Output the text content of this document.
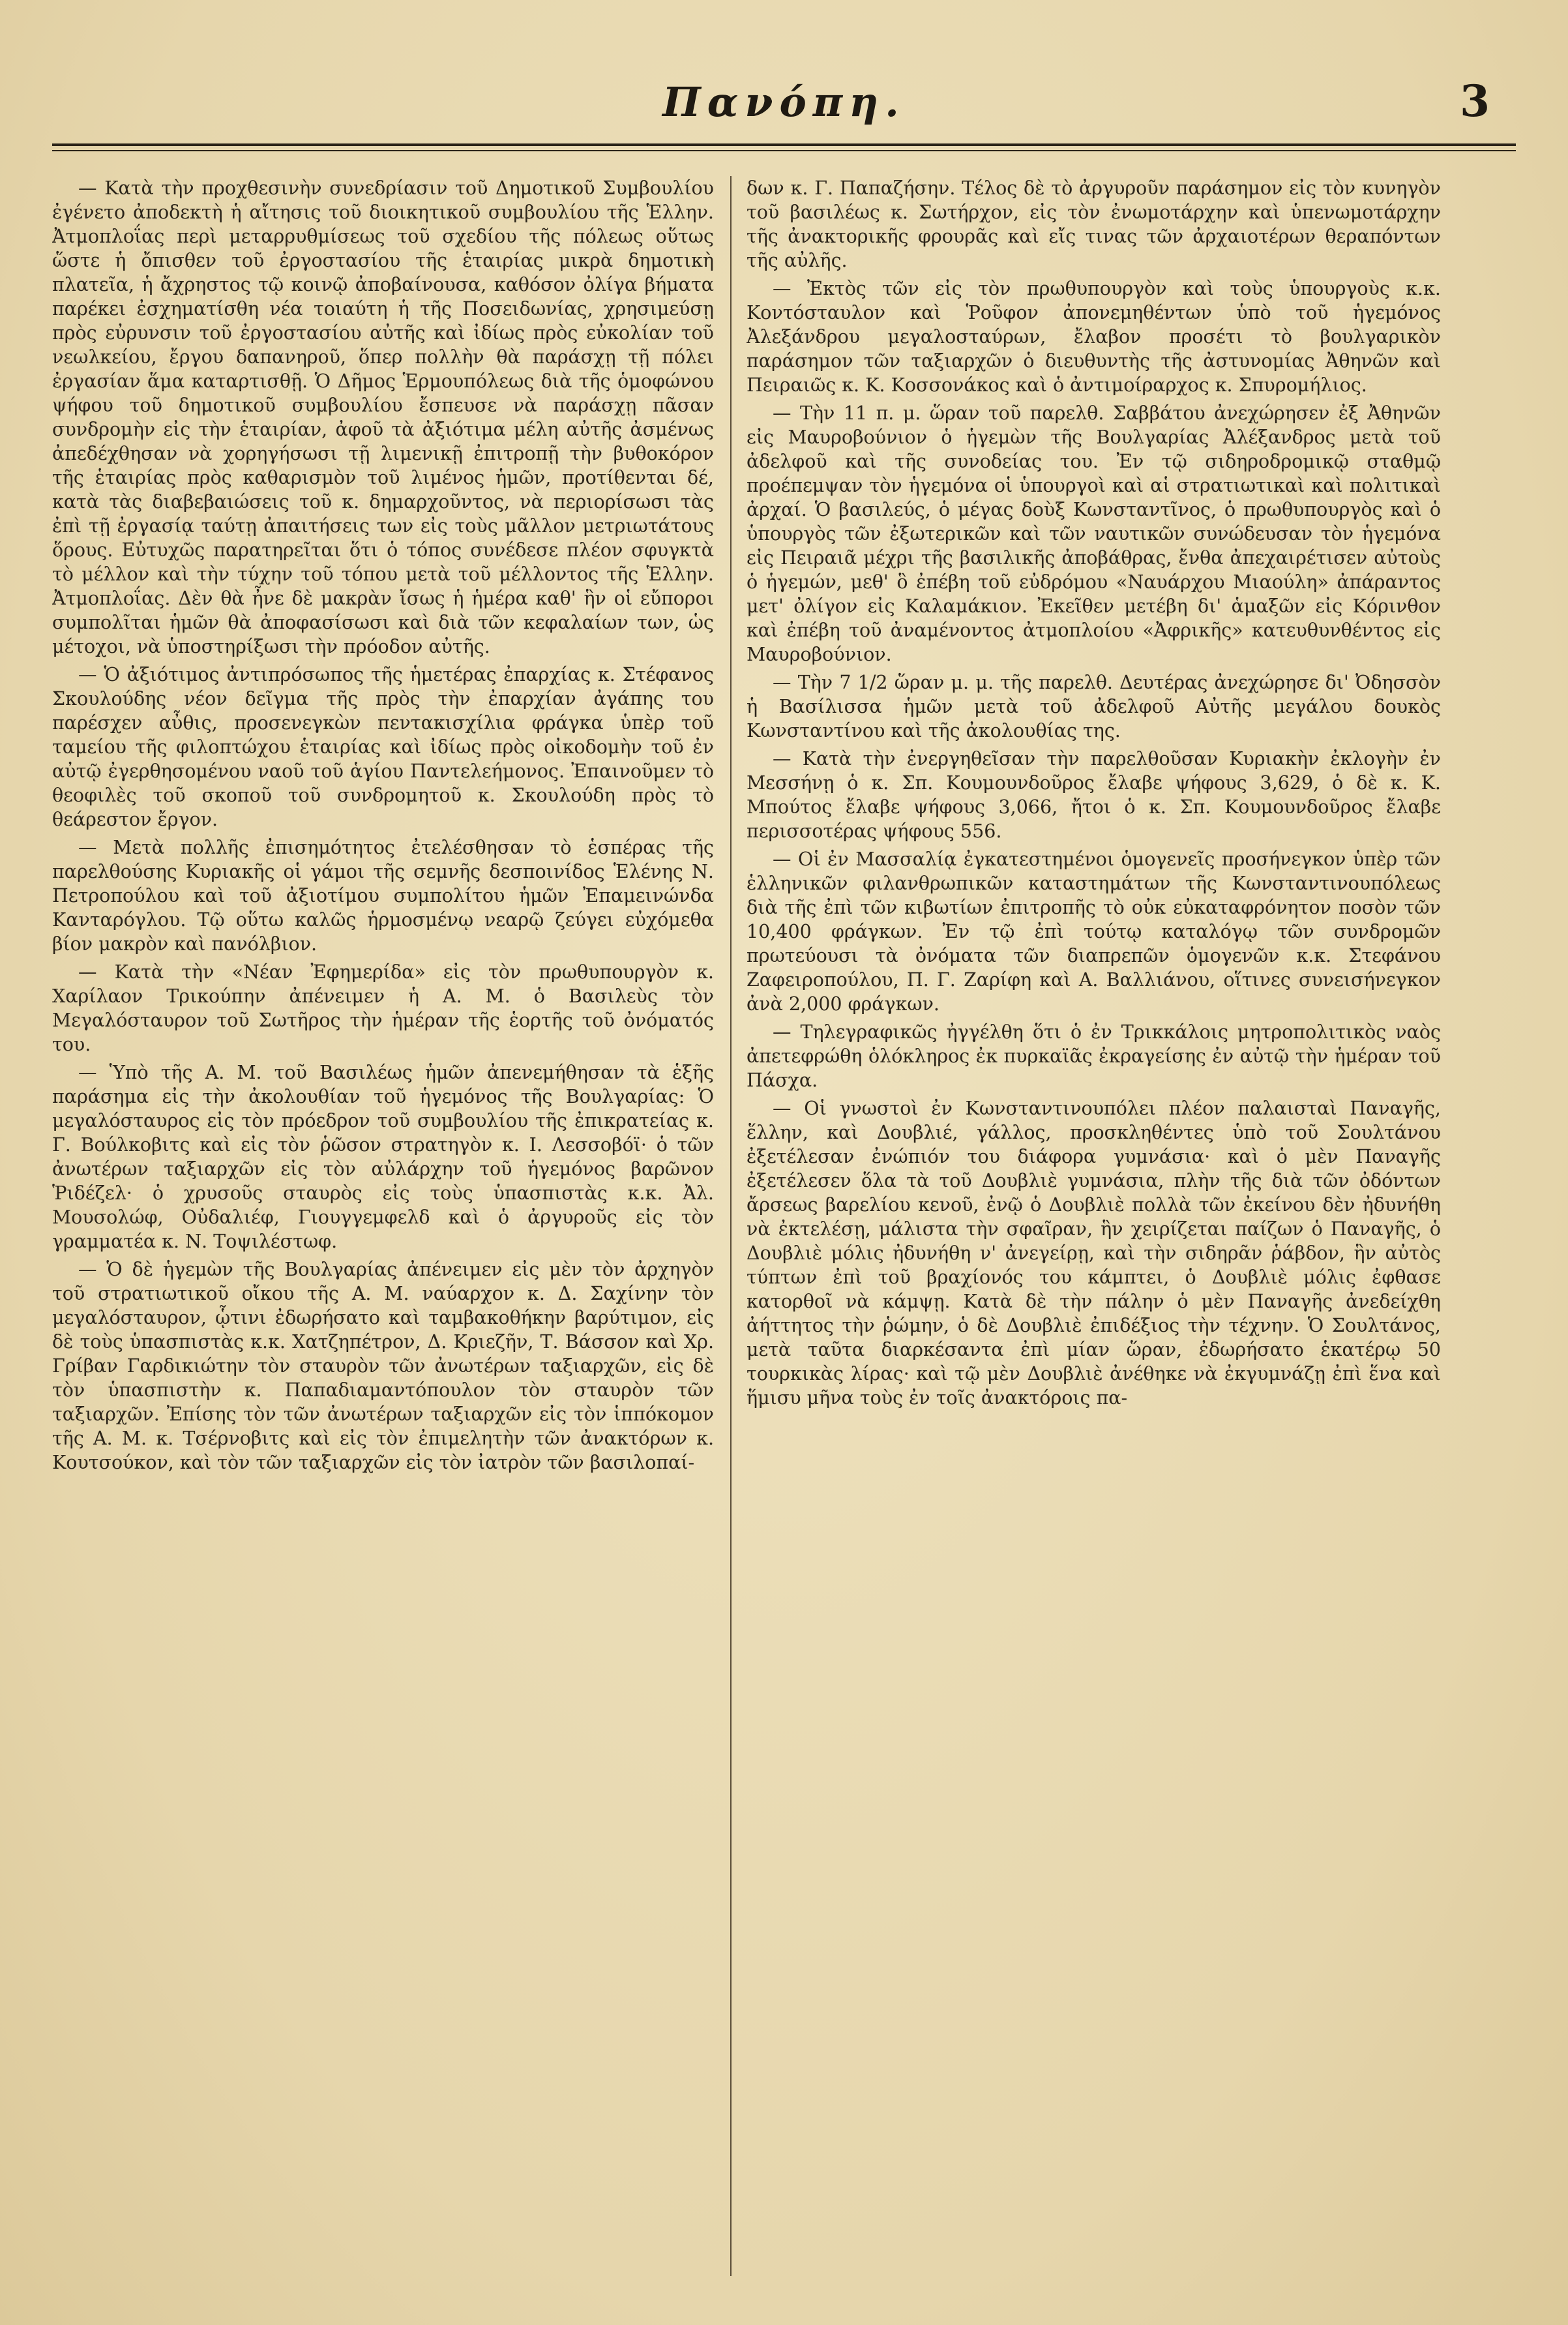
Πανόπη.	3

— Κατὰ τὴν προχθεσινὴν συνεδρίασιν τοῦ Δημοτικοῦ Συμβουλίου ἐγένετο ἀποδεκτὴ ἡ αἴτησις τοῦ διοικητικοῦ συμβουλίου τῆς Ἑλλην. Ἀτμοπλοΐας περὶ μεταρρυθμίσεως τοῦ σχεδίου τῆς πόλεως οὕτως ὥστε ἡ ὄπισθεν τοῦ ἐργοστασίου τῆς ἑταιρίας μικρὰ δημοτικὴ πλατεῖα, ἡ ἄχρηστος τῷ κοινῷ ἀποβαίνουσα, καθόσον ὀλίγα βήματα παρέκει ἐσχηματίσθη νέα τοιαύτη ἡ τῆς Ποσειδωνίας, χρησιμεύσῃ πρὸς εὐρυνσιν τοῦ ἐργοστασίου αὐτῆς καὶ ἰδίως πρὸς εὐκολίαν τοῦ νεωλκείου, ἔργου δαπανηροῦ, ὅπερ πολλὴν θὰ παράσχῃ τῇ πόλει ἐργασίαν ἅμα καταρτισθῇ. Ὁ Δῆμος Ἑρμουπόλεως διὰ τῆς ὁμοφώνου ψήφου τοῦ δημοτικοῦ συμβουλίου ἔσπευσε νὰ παράσχῃ πᾶσαν συνδρομὴν εἰς τὴν ἑταιρίαν, ἀφοῦ τὰ ἀξιότιμα μέλη αὐτῆς ἀσμένως ἀπεδέχθησαν νὰ χορηγήσωσι τῇ λιμενικῇ ἐπιτροπῇ τὴν βυθοκόρον τῆς ἑταιρίας πρὸς καθαρισμὸν τοῦ λιμένος ἡμῶν, προτίθενται δέ, κατὰ τὰς διαβεβαιώσεις τοῦ κ. δημαρχοῦντος, νὰ περιορίσωσι τὰς ἐπὶ τῇ ἐργασίᾳ ταύτῃ ἀπαιτήσεις των εἰς τοὺς μᾶλλον μετριωτάτους ὅρους. Εὐτυχῶς παρατηρεῖται ὅτι ὁ τόπος συνέδεσε πλέον σφυγκτὰ τὸ μέλλον καὶ τὴν τύχην τοῦ τόπου μετὰ τοῦ μέλλοντος τῆς Ἑλλην. Ἀτμοπλοΐας. Δὲν θὰ ἦνε δὲ μακρὰν ἴσως ἡ ἡμέρα καθ' ἣν οἱ εὔποροι συμπολῖται ἡμῶν θὰ ἀποφασίσωσι καὶ διὰ τῶν κεφαλαίων των, ὡς μέτοχοι, νὰ ὑποστηρίξωσι τὴν πρόοδον αὐτῆς.

— Ὁ ἀξιότιμος ἀντιπρόσωπος τῆς ἡμετέρας ἐπαρχίας κ. Στέφανος Σκουλούδης νέον δεῖγμα τῆς πρὸς τὴν ἐπαρχίαν ἀγάπης του παρέσχεν αὖθις, προσενεγκὼν πεντακισχίλια φράγκα ὑπὲρ τοῦ ταμείου τῆς φιλοπτώχου ἑταιρίας καὶ ἰδίως πρὸς οἰκοδομὴν τοῦ ἐν αὐτῷ ἐγερθησομένου ναοῦ τοῦ ἁγίου Παντελεήμονος. Ἐπαινοῦμεν τὸ θεοφιλὲς τοῦ σκοποῦ τοῦ συνδρομητοῦ κ. Σκουλούδη πρὸς τὸ θεάρεστον ἔργον.

— Μετὰ πολλῆς ἐπισημότητος ἐτελέσθησαν τὸ ἑσπέρας τῆς παρελθούσης Κυριακῆς οἱ γάμοι τῆς σεμνῆς δεσποινίδος Ἑλένης Ν. Πετροπούλου καὶ τοῦ ἀξιοτίμου συμπολίτου ἡμῶν Ἐπαμεινώνδα Κανταρόγλου. Τῷ οὕτω καλῶς ἡρμοσμένῳ νεαρῷ ζεύγει εὐχόμεθα βίον μακρὸν καὶ πανόλβιον.

— Κατὰ τὴν «Νέαν Ἐφημερίδα» εἰς τὸν πρωθυπουργὸν κ. Χαρίλαον Τρικούπην ἀπένειμεν ἡ Α. Μ. ὁ Βασιλεὺς τὸν Μεγαλόσταυρον τοῦ Σωτῆρος τὴν ἡμέραν τῆς ἑορτῆς τοῦ ὀνόματός του.

— Ὑπὸ τῆς Α. Μ. τοῦ Βασιλέως ἡμῶν ἀπενεμήθησαν τὰ ἑξῆς παράσημα εἰς τὴν ἀκολουθίαν τοῦ ἡγεμόνος τῆς Βουλγαρίας: Ὁ μεγαλόσταυρος εἰς τὸν πρόεδρον τοῦ συμβουλίου τῆς ἐπικρατείας κ. Γ. Βούλκοβιτς καὶ εἰς τὸν ῥῶσον στρατηγὸν κ. Ι. Λεσσοβόϊ· ὁ τῶν ἀνωτέρων ταξιαρχῶν εἰς τὸν αὐλάρχην τοῦ ἡγεμόνος βαρῶνον Ῥιδέζελ· ὁ χρυσοῦς σταυρὸς εἰς τοὺς ὑπασπιστὰς κ.κ. Ἀλ. Μουσολώφ, Οὐδαλιέφ, Γιουγγεμφελδ καὶ ὁ ἀργυροῦς εἰς τὸν γραμματέα κ. Ν. Τοψιλέστωφ.

— Ὁ δὲ ἡγεμὼν τῆς Βουλγαρίας ἀπένειμεν εἰς μὲν τὸν ἀρχηγὸν τοῦ στρατιωτικοῦ οἴκου τῆς Α. Μ. ναύαρχον κ. Δ. Σαχίνην τὸν μεγαλόσταυρον, ᾧτινι ἐδωρήσατο καὶ ταμβακοθήκην βαρύτιμον, εἰς δὲ τοὺς ὑπασπιστὰς κ.κ. Χατζηπέτρον, Δ. Κριεζῆν, Τ. Βάσσον καὶ Χρ. Γρίβαν Γαρδικιώτην τὸν σταυρὸν τῶν ἀνωτέρων ταξιαρχῶν, εἰς δὲ τὸν ὑπασπιστὴν κ. Παπαδιαμαντόπουλον τὸν σταυρὸν τῶν ταξιαρχῶν. Ἐπίσης τὸν τῶν ἀνωτέρων ταξιαρχῶν εἰς τὸν ἱππόκομον τῆς Α. Μ. κ. Τσέρνοβιτς καὶ εἰς τὸν ἐπιμελητὴν τῶν ἀνακτόρων κ. Κουτσούκον, καὶ τὸν τῶν ταξιαρχῶν εἰς τὸν ἰατρὸν τῶν βασιλοπαί-

δων κ. Γ. Παπαζήσην. Τέλος δὲ τὸ ἀργυροῦν παράσημον εἰς τὸν κυνηγὸν τοῦ βασιλέως κ. Σωτήρχον, εἰς τὸν ἐνωμοτάρχην καὶ ὑπενωμοτάρχην τῆς ἀνακτορικῆς φρουρᾶς καὶ εἴς τινας τῶν ἀρχαιοτέρων θεραπόντων τῆς αὐλῆς.

— Ἐκτὸς τῶν εἰς τὸν πρωθυπουργὸν καὶ τοὺς ὑπουργοὺς κ.κ. Κοντόσταυλον καὶ Ῥοῦφον ἀπονεμηθέντων ὑπὸ τοῦ ἡγεμόνος Ἀλεξάνδρου μεγαλοσταύρων, ἔλαβον προσέτι τὸ βουλγαρικὸν παράσημον τῶν ταξιαρχῶν ὁ διευθυντὴς τῆς ἀστυνομίας Ἀθηνῶν καὶ Πειραιῶς κ. Κ. Κοσσονάκος καὶ ὁ ἀντιμοίραρχος κ. Σπυρομήλιος.

— Τὴν 11 π. μ. ὥραν τοῦ παρελθ. Σαββάτου ἀνεχώρησεν ἐξ Ἀθηνῶν εἰς Μαυροβούνιον ὁ ἡγεμὼν τῆς Βουλγαρίας Ἀλέξανδρος μετὰ τοῦ ἀδελφοῦ καὶ τῆς συνοδείας του. Ἐν τῷ σιδηροδρομικῷ σταθμῷ προέπεμψαν τὸν ἡγεμόνα οἱ ὑπουργοὶ καὶ αἱ στρατιωτικαὶ καὶ πολιτικαὶ ἀρχαί. Ὁ βασιλεύς, ὁ μέγας δοὺξ Κωνσταντῖνος, ὁ πρωθυπουργὸς καὶ ὁ ὑπουργὸς τῶν ἐξωτερικῶν καὶ τῶν ναυτικῶν συνώδευσαν τὸν ἡγεμόνα εἰς Πειραιᾶ μέχρι τῆς βασιλικῆς ἀποβάθρας, ἔνθα ἀπεχαιρέτισεν αὐτοὺς ὁ ἡγεμών, μεθ' ὃ ἐπέβη τοῦ εὐδρόμου «Ναυάρχου Μιαούλη» ἀπάραντος μετ' ὀλίγον εἰς Καλαμάκιον. Ἐκεῖθεν μετέβη δι' ἁμαξῶν εἰς Κόρινθον καὶ ἐπέβη τοῦ ἀναμένοντος ἀτμοπλοίου «Ἀφρικῆς» κατευθυνθέντος εἰς Μαυροβούνιον.

— Τὴν 7 1/2 ὥραν μ. μ. τῆς παρελθ. Δευτέρας ἀνεχώρησε δι' Ὀδησσὸν ἡ Βασίλισσα ἡμῶν μετὰ τοῦ ἀδελφοῦ Αὐτῆς μεγάλου δουκὸς Κωνσταντίνου καὶ τῆς ἀκολουθίας της.

— Κατὰ τὴν ἐνεργηθεῖσαν τὴν παρελθοῦσαν Κυριακὴν ἐκλογὴν ἐν Μεσσήνῃ ὁ κ. Σπ. Κουμουνδοῦρος ἔλαβε ψήφους 3,629, ὁ δὲ κ. Κ. Μπούτος ἔλαβε ψήφους 3,066, ἤτοι ὁ κ. Σπ. Κουμουνδοῦρος ἔλαβε περισσοτέρας ψήφους 556.

— Οἱ ἐν Μασσαλίᾳ ἐγκατεστημένοι ὁμογενεῖς προσήνεγκον ὑπὲρ τῶν ἑλληνικῶν φιλανθρωπικῶν καταστημάτων τῆς Κωνσταντινουπόλεως διὰ τῆς ἐπὶ τῶν κιβωτίων ἐπιτροπῆς τὸ οὐκ εὐκαταφρόνητον ποσὸν τῶν 10,400 φράγκων. Ἐν τῷ ἐπὶ τούτῳ καταλόγῳ τῶν συνδρομῶν πρωτεύουσι τὰ ὀνόματα τῶν διαπρεπῶν ὁμογενῶν κ.κ. Στεφάνου Ζαφειροπούλου, Π. Γ. Ζαρίφη καὶ Α. Βαλλιάνου, οἵτινες συνεισήνεγκον ἀνὰ 2,000 φράγκων.

— Τηλεγραφικῶς ἠγγέλθη ὅτι ὁ ἐν Τρικκάλοις μητροπολιτικὸς ναὸς ἀπετεφρώθη ὁλόκληρος ἐκ πυρκαϊᾶς ἐκραγείσης ἐν αὐτῷ τὴν ἡμέραν τοῦ Πάσχα.

— Οἱ γνωστοὶ ἐν Κωνσταντινουπόλει πλέον παλαισταὶ Παναγῆς, ἕλλην, καὶ Δουβλιέ, γάλλος, προσκληθέντες ὑπὸ τοῦ Σουλτάνου ἐξετέλεσαν ἐνώπιόν του διάφορα γυμνάσια· καὶ ὁ μὲν Παναγῆς ἐξετέλεσεν ὅλα τὰ τοῦ Δουβλιὲ γυμνάσια, πλὴν τῆς διὰ τῶν ὀδόντων ἄρσεως βαρελίου κενοῦ, ἐνῷ ὁ Δουβλιὲ πολλὰ τῶν ἐκείνου δὲν ἠδυνήθη νὰ ἐκτελέσῃ, μάλιστα τὴν σφαῖραν, ἣν χειρίζεται παίζων ὁ Παναγῆς, ὁ Δουβλιὲ μόλις ἠδυνήθη ν' ἀνεγείρῃ, καὶ τὴν σιδηρᾶν ῥάβδον, ἣν αὐτὸς τύπτων ἐπὶ τοῦ βραχίονός του κάμπτει, ὁ Δουβλιὲ μόλις ἐφθασε κατορθοῖ νὰ κάμψῃ. Κατὰ δὲ τὴν πάλην ὁ μὲν Παναγῆς ἀνεδείχθη ἀήττητος τὴν ῥώμην, ὁ δὲ Δουβλιὲ ἐπιδέξιος τὴν τέχνην. Ὁ Σουλτάνος, μετὰ ταῦτα διαρκέσαντα ἐπὶ μίαν ὥραν, ἐδωρήσατο ἑκατέρῳ 50 τουρκικὰς λίρας· καὶ τῷ μὲν Δουβλιὲ ἀνέθηκε νὰ ἐκγυμνάζῃ ἐπὶ ἕνα καὶ ἥμισυ μῆνα τοὺς ἐν τοῖς ἀνακτόροις πα-
